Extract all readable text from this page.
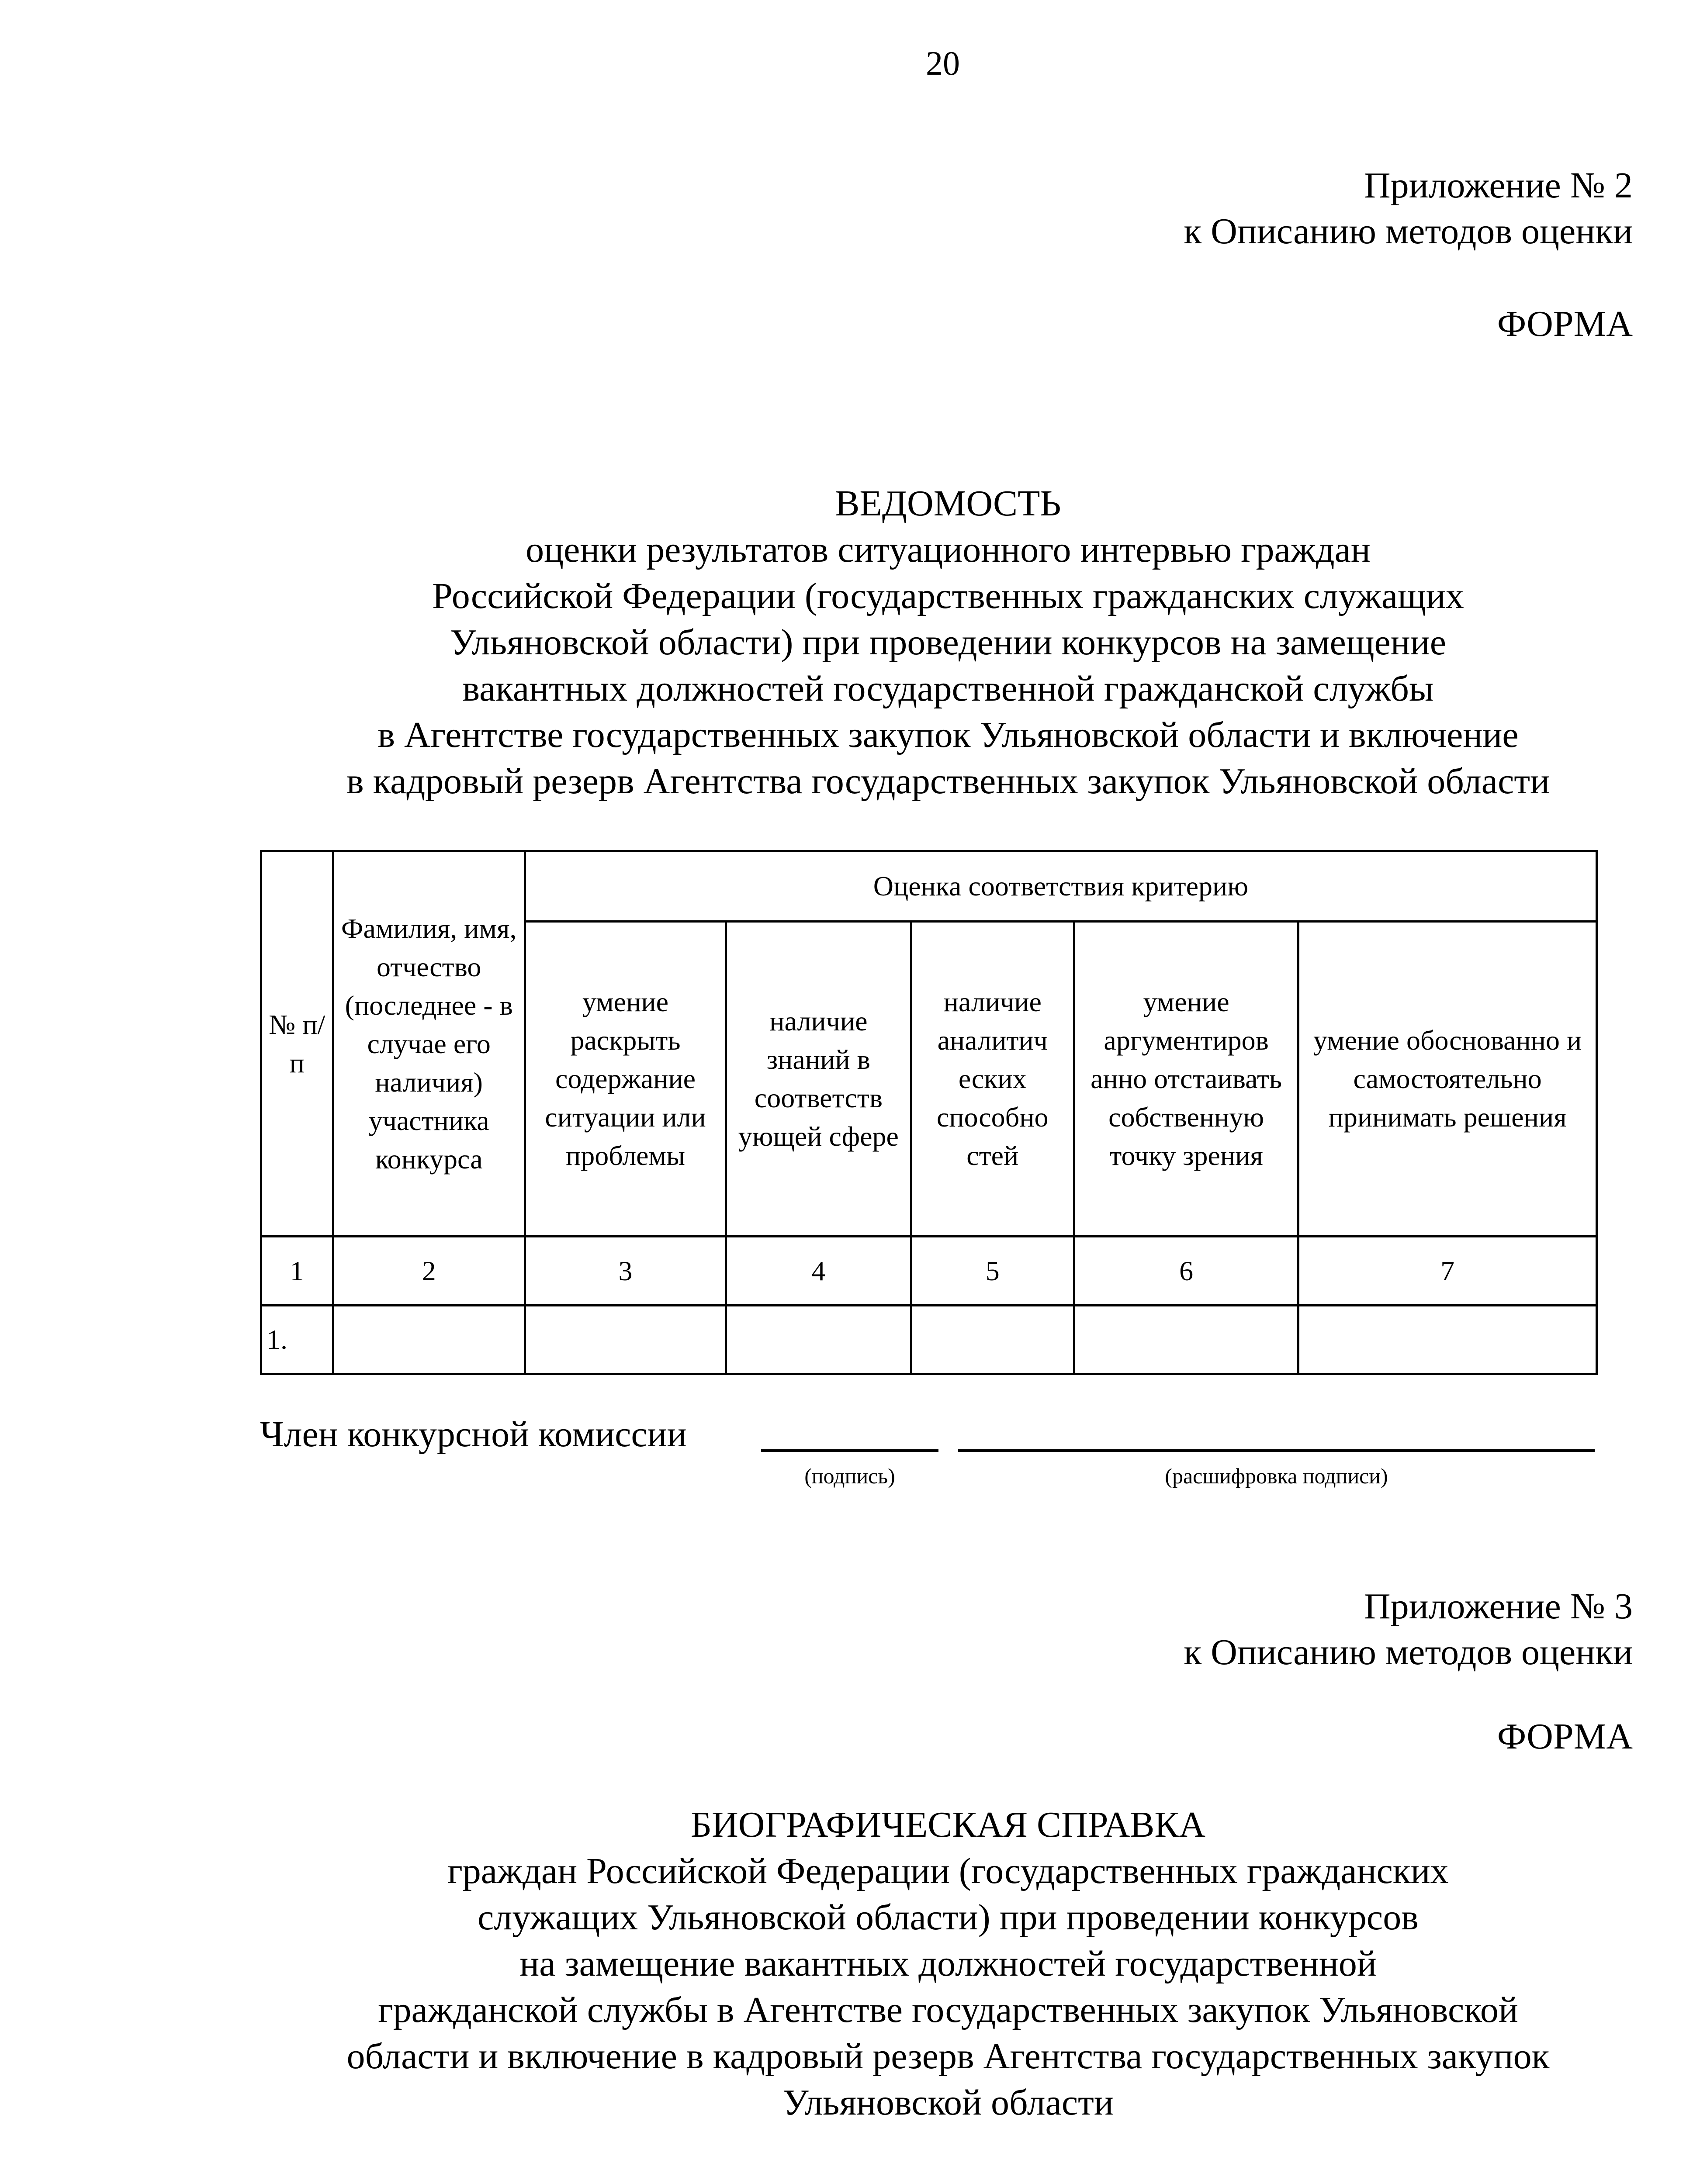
20
Приложение № 2
к Описанию методов оценки
ФОРМА
ВЕДОМОСТЬ
оценки результатов ситуационного интервью граждан
Российской Федерации (государственных гражданских служащих
Ульяновской области) при проведении конкурсов на замещение
вакантных должностей государственной гражданской службы
в Агентстве государственных закупок Ульяновской области и включение
в кадровый резерв Агентства государственных закупок Ульяновской области
№ п/п	Фамилия, имя, отчество (последнее - в случае его наличия) участника конкурса	Оценка соответствия критерию				
		умение раскрыть содержание ситуации или проблемы	наличие знаний в соответств ующей сфере	наличие аналитич еских способно стей	умение аргументиров анно отстаивать собственную точку зрения	умение обоснованно и самостоятельно принимать решения
1	2	3	4	5	6	7
1.						
Член конкурсной комиссии
(подпись)	(расшифровка подписи)
Приложение № 3
к Описанию методов оценки
ФОРМА
БИОГРАФИЧЕСКАЯ СПРАВКА
граждан Российской Федерации (государственных гражданских
служащих Ульяновской области) при проведении конкурсов
на замещение вакантных должностей государственной
гражданской службы в Агентстве государственных закупок Ульяновской
области и включение в кадровый резерв Агентства государственных закупок
Ульяновской области
